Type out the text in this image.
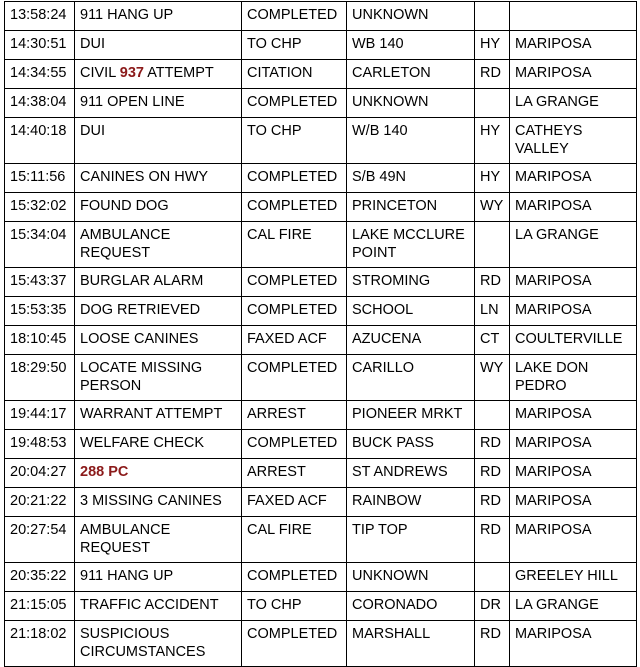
13:58:24	911 HANG UP	COMPLETED	UNKNOWN		
14:30:51	DUI	TO CHP	WB 140	HY	MARIPOSA
14:34:55	CIVIL 937 ATTEMPT	CITATION	CARLETON	RD	MARIPOSA
14:38:04	911 OPEN LINE	COMPLETED	UNKNOWN		LA GRANGE
14:40:18	DUI	TO CHP	W/B 140	HY	CATHEYS VALLEY
15:11:56	CANINES ON HWY	COMPLETED	S/B 49N	HY	MARIPOSA
15:32:02	FOUND DOG	COMPLETED	PRINCETON	WY	MARIPOSA
15:34:04	AMBULANCE REQUEST	CAL FIRE	LAKE MCCLURE POINT		LA GRANGE
15:43:37	BURGLAR ALARM	COMPLETED	STROMING	RD	MARIPOSA
15:53:35	DOG RETRIEVED	COMPLETED	SCHOOL	LN	MARIPOSA
18:10:45	LOOSE CANINES	FAXED ACF	AZUCENA	CT	COULTERVILLE
18:29:50	LOCATE MISSING PERSON	COMPLETED	CARILLO	WY	LAKE DON PEDRO
19:44:17	WARRANT ATTEMPT	ARREST	PIONEER MRKT		MARIPOSA
19:48:53	WELFARE CHECK	COMPLETED	BUCK PASS	RD	MARIPOSA
20:04:27	288 PC	ARREST	ST ANDREWS	RD	MARIPOSA
20:21:22	3 MISSING CANINES	FAXED ACF	RAINBOW	RD	MARIPOSA
20:27:54	AMBULANCE REQUEST	CAL FIRE	TIP TOP	RD	MARIPOSA
20:35:22	911 HANG UP	COMPLETED	UNKNOWN		GREELEY HILL
21:15:05	TRAFFIC ACCIDENT	TO CHP	CORONADO	DR	LA GRANGE
21:18:02	SUSPICIOUS CIRCUMSTANCES	COMPLETED	MARSHALL	RD	MARIPOSA
